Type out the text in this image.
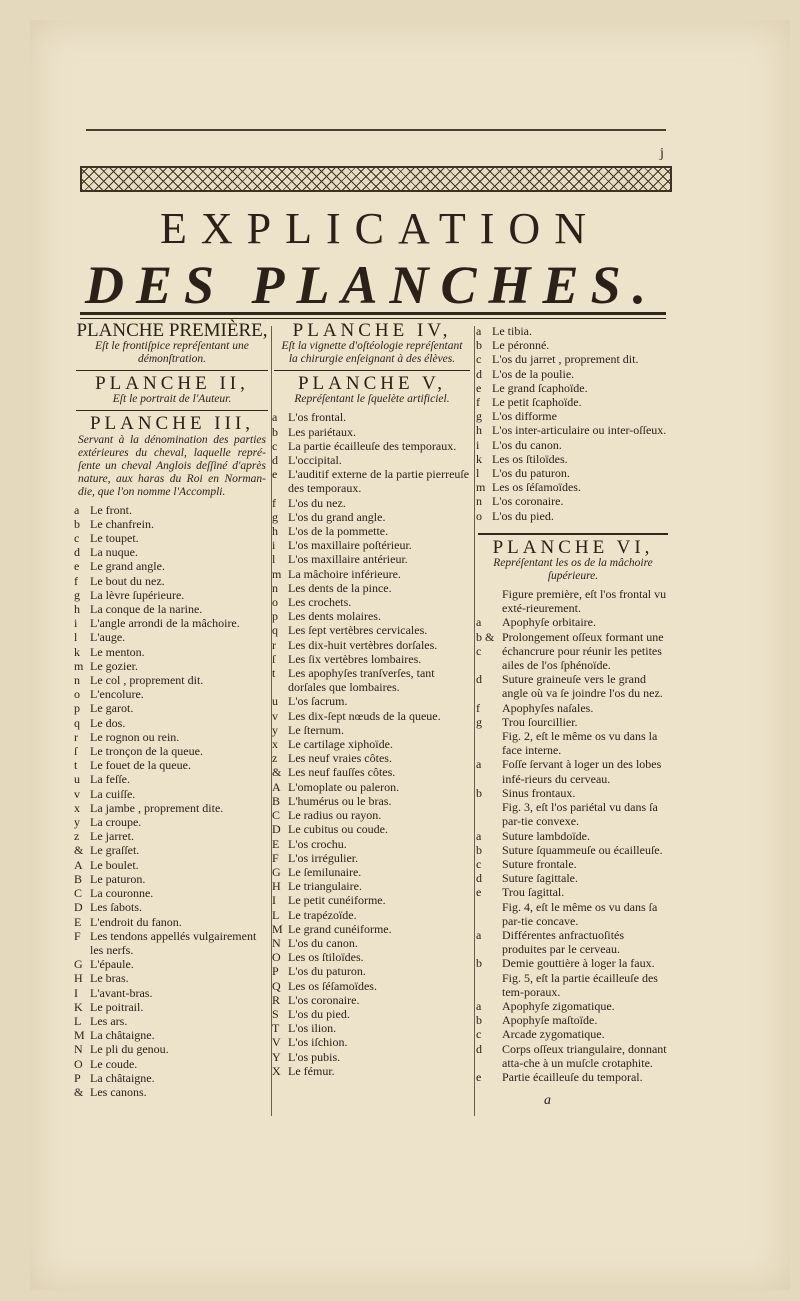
j
EXPLICATION
DES PLANCHES.
PLANCHE PREMIÈRE,
Eſt le frontiſpice repréſentant une démonſtration.
PLANCHE II,
Eſt le portrait de l'Auteur.
PLANCHE III,
Servant à la dénomination des parties extérieures du cheval, laquelle repré-ſente un cheval Anglois deſſiné d'après nature, aux haras du Roi en Norman-die, que l'on nomme l'Accompli.
a Le front.
b Le chanfrein.
c Le toupet.
d La nuque.
e Le grand angle.
f	Le bout du nez.
g La lèvre ſupérieure.
h La conque de la narine.
i	L'angle arrondi de la mâchoire.
l	L'auge.
k Le menton.
m Le gozier.
n Le col , proprement dit.
o L'encolure.
p Le garot.
q Le dos.
r	Le rognon ou rein.
ſ	Le tronçon de la queue.
t	Le fouet de la queue.
u La feſſe.
v La cuiſſe.
x La jambe , proprement dite.
y La croupe.
z Le jarret.
& Le graſſet.
A Le boulet.
B Le paturon.
C La couronne.
D Les ſabots.
E L'endroit du fanon.
F Les tendons appellés vulgairement les nerfs.
G L'épaule.
H Le bras.
I	L'avant-bras.
K Le poitrail.
L Les ars.
M La châtaigne.
N Le pli du genou.
O Le coude.
P La châtaigne.
& Les canons.
PLANCHE IV,
Eſt la vignette d'oſtéologie repréſentant la chirurgie enſeignant à des élèves.
PLANCHE V,
Repréſentant le ſquelète artificiel.
a L'os frontal.
b Les pariétaux.
c La partie écailleuſe des temporaux.
d L'occipital.
e L'auditif externe de la partie pierreuſe des temporaux.
f	L'os du nez.
g L'os du grand angle.
h L'os de la pommette.
i	L'os maxillaire poſtérieur.
l	L'os maxillaire antérieur.
m La mâchoire inférieure.
n Les dents de la pince.
o Les crochets.
p Les dents molaires.
q Les ſept vertèbres cervicales.
r	Les dix-huit vertèbres dorſales.
ſ	Les ſix vertèbres lombaires.
t	Les apophyſes tranſverſes, tant dorſales que lombaires.
u L'os ſacrum.
v Les dix-ſept nœuds de la queue.
y Le ſternum.
x Le cartilage xiphoïde.
z Les neuf vraies côtes.
& Les neuf fauſſes côtes.
A L'omoplate ou paleron.
B L'humérus ou le bras.
C Le radius ou rayon.
D Le cubitus ou coude.
E L'os crochu.
F L'os irrégulier.
G Le ſemilunaire.
H Le triangulaire.
I	Le petit cunéiforme.
L Le trapézoïde.
M Le grand cunéiforme.
N L'os du canon.
O Les os ſtiloïdes.
P L'os du paturon.
Q Les os ſéſamoïdes.
R L'os coronaire.
S L'os du pied.
T L'os ilion.
V L'os iſchion.
Y L'os pubis.
X Le fémur.
a Le tibia.
b Le péronné.
c L'os du jarret , proprement dit.
d L'os de la poulie.
e Le grand ſcaphoïde.
f	Le petit ſcaphoïde.
g L'os difforme
h L'os inter-articulaire ou inter-oſſeux.
i	L'os du canon.
k Les os ſtiloïdes.
l	L'os du paturon.
m Les os ſéſamoïdes.
n L'os coronaire.
o L'os du pied.
PLANCHE VI,
Repréſentant les os de la mâchoire ſupérieure.
Figure première, eſt l'os frontal vu exté-rieurement.
a	Apophyſe orbitaire.
b & c
Prolongement oſſeux formant une échancrure pour réunir les petites ailes de l'os ſphénoïde.
d	Suture grainеuſe vers le grand angle où va ſe joindre l'os du nez.
f	Apophyſes naſales.
g	Trou ſourcillier.
Fig. 2, eſt le même os vu dans la face interne.
a	Foſſe ſervant à loger un des lobes infé-rieurs du cerveau.
b	Sinus frontaux.
Fig. 3, eſt l'os pariétal vu dans ſa par-tie convexe.
a	Suture lambdoïde.
b	Suture ſquammeuſe ou écailleuſe.
c	Suture frontale.
d	Suture ſagittale.
e	Trou ſagittal.
Fig. 4, eſt le même os vu dans ſa par-tie concave.
a	Différentes anfractuoſités produites par le cerveau.
b	Demie gouttière à loger la faux.
Fig. 5, eſt la partie écailleuſe des tem-poraux.
a	Apophyſe zigomatique.
b	Apophyſe maſtoïde.
c	Arcade zygomatique.
d	Corps oſſeux triangulaire, donnant atta-che à un muſcle crotaphite.
e	Partie écailleuſe du temporal.
a
